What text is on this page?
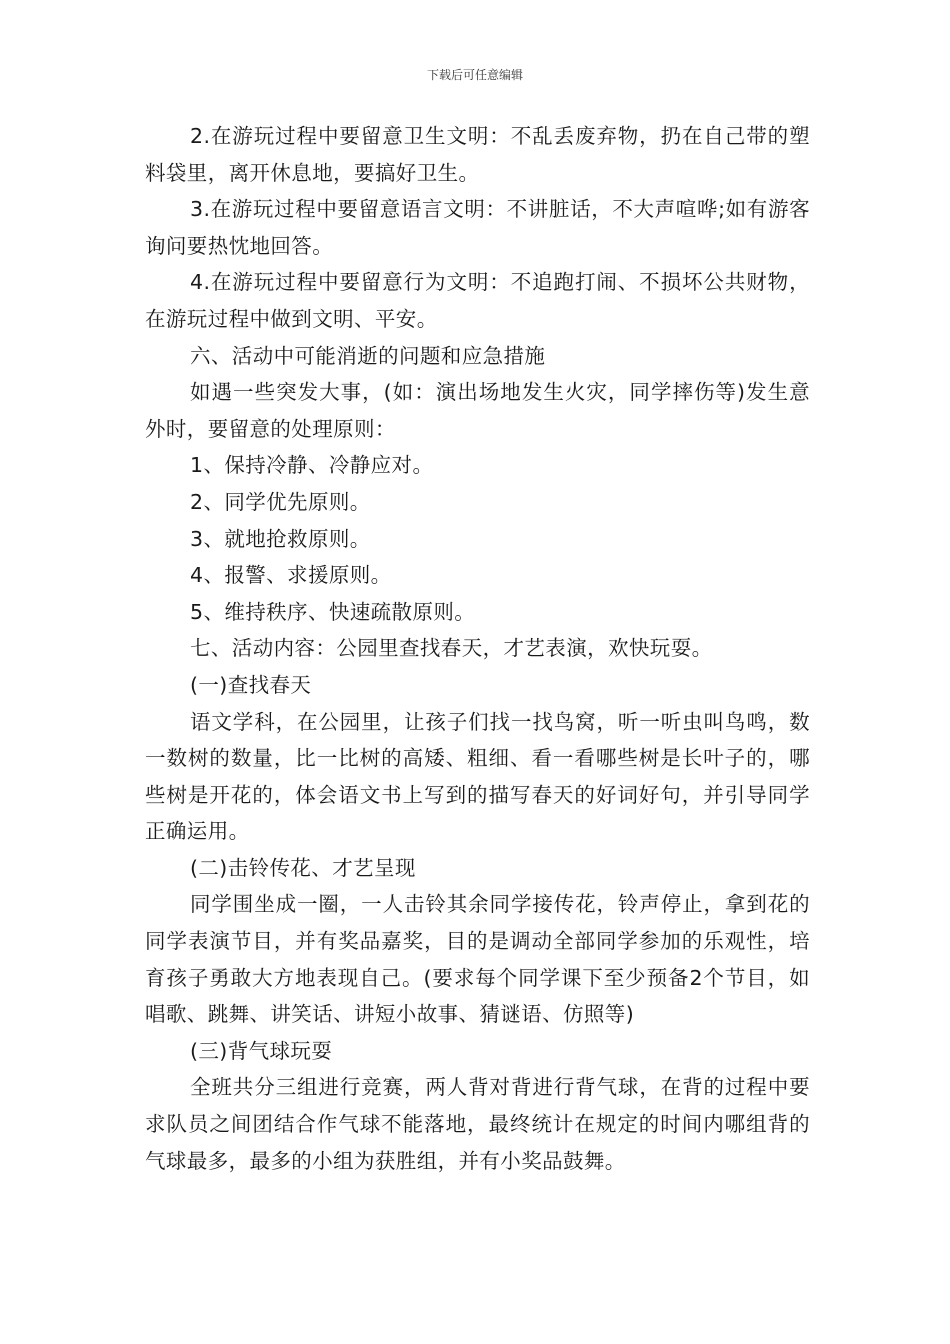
下载后可任意编辑

2.在游玩过程中要留意卫生文明：不乱丢废弃物，扔在自己带的塑料袋里，离开休息地，要搞好卫生。

3.在游玩过程中要留意语言文明：不讲脏话，不大声喧哗;如有游客询问要热忱地回答。

4.在游玩过程中要留意行为文明：不追跑打闹、不损坏公共财物，在游玩过程中做到文明、平安。

六、活动中可能消逝的问题和应急措施

如遇一些突发大事，(如：演出场地发生火灾，同学摔伤等)发生意外时，要留意的处理原则：

1、保持冷静、冷静应对。

2、同学优先原则。

3、就地抢救原则。

4、报警、求援原则。

5、维持秩序、快速疏散原则。

七、活动内容：公园里查找春天，才艺表演，欢快玩耍。

(一)查找春天

语文学科，在公园里，让孩子们找一找鸟窝，听一听虫叫鸟鸣，数一数树的数量，比一比树的高矮、粗细、看一看哪些树是长叶子的，哪些树是开花的，体会语文书上写到的描写春天的好词好句，并引导同学正确运用。

(二)击铃传花、才艺呈现

同学围坐成一圈，一人击铃其余同学接传花，铃声停止，拿到花的同学表演节目，并有奖品嘉奖，目的是调动全部同学参加的乐观性，培育孩子勇敢大方地表现自己。(要求每个同学课下至少预备2个节目，如唱歌、跳舞、讲笑话、讲短小故事、猜谜语、仿照等)

(三)背气球玩耍

全班共分三组进行竞赛，两人背对背进行背气球，在背的过程中要求队员之间团结合作气球不能落地，最终统计在规定的时间内哪组背的气球最多，最多的小组为获胜组，并有小奖品鼓舞。
